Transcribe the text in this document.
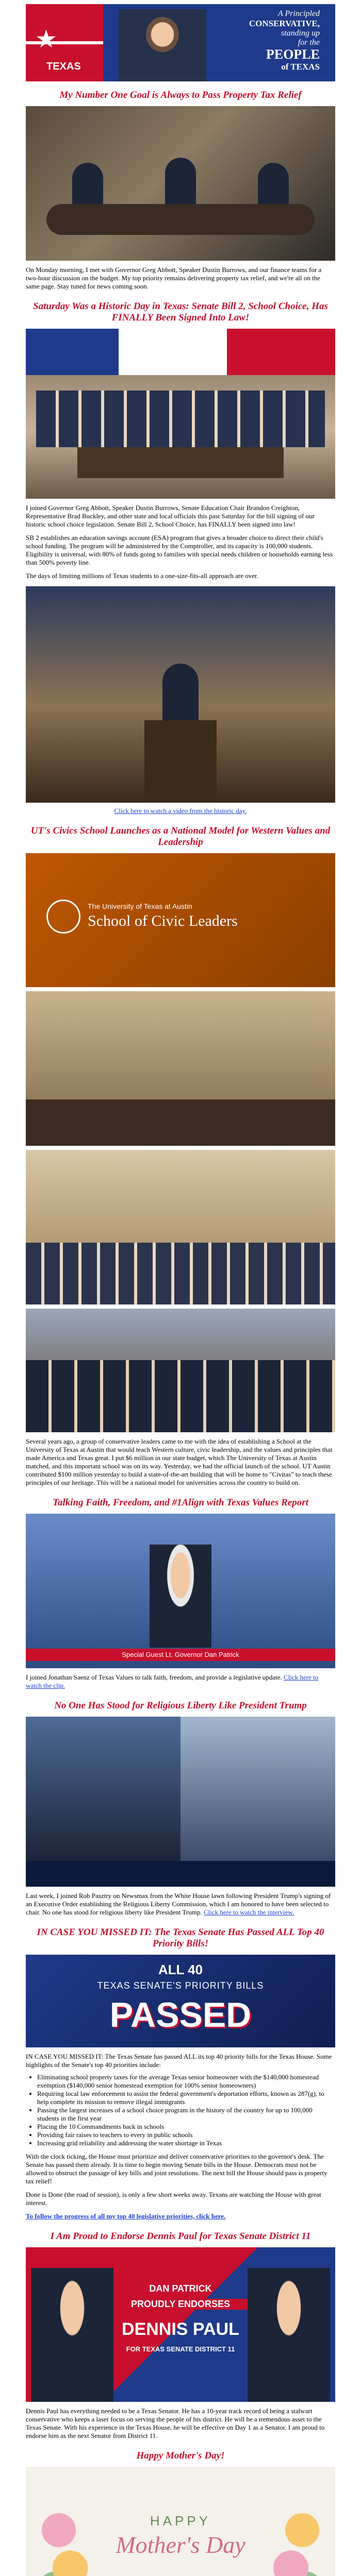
★
TEXAS
A Principled
CONSERVATIVE,
standing up
for the
PEOPLE
of TEXAS
My Number One Goal is Always to Pass Property Tax Relief

On Monday morning, I met with Governor Greg Abbott, Speaker Dustin Burrows, and our finance teams for a two-hour discussion on the budget. My top priority remains delivering property tax relief, and we're all on the same page. Stay tuned for news coming soon.

Saturday Was a Historic Day in Texas: Senate Bill 2, School Choice, Has FINALLY Been Signed Into Law!

I joined Governor Greg Abbott, Speaker Dustin Burrows, Senate Education Chair Brandon Creighton, Representative Brad Buckley, and other state and local officials this past Saturday for the bill signing of our historic school choice legislation. Senate Bill 2, School Choice, has FINALLY been signed into law!

SB 2 establishes an education savings account (ESA) program that gives a broader choice to direct their child's school funding. The program will be administered by the Comptroller, and its capacity is 100,000 students. Eligibility is universal, with 80% of funds going to families with special needs children or households earning less than 500% poverty line.

The days of limiting millions of Texas students to a one-size-fits-all approach are over.

Click here to watch a video from the historic day.

UT's Civics School Launches as a National Model for Western Values and Leadership
The University of Texas at Austin
School of Civic Leaders

Several years ago, a group of conservative leaders came to me with the idea of establishing a School at the University of Texas at Austin that would teach Western culture, civic leadership, and the values and principles that made America and Texas great. I put $6 million in our state budget, which The University of Texas at Austin matched, and this important school was on its way. Yesterday, we had the official launch of the school. UT Austin contributed $100 million yesterday to build a state-of-the-art building that will be home to "Civitas" to teach these principles of our heritage. This will be a national model for universities across the country to build on.

Talking Faith, Freedom, and #1Align with Texas Values Report
Special Guest Lt. Governor Dan Patrick

I joined Jonathan Saenz of Texas Values to talk faith, freedom, and provide a legislative update. Click here to watch the clip.

No One Has Stood for Religious Liberty Like President Trump

Last week, I joined Rob Pasztry on Newsmax from the White House lawn following President Trump's signing of an Executive Order establishing the Religious Liberty Commission, which I am honored to have been selected to chair. No one has stood for religious liberty like President Trump. Click here to watch the interview.

IN CASE YOU MISSED IT: The Texas Senate Has Passed ALL Top 40 Priority Bills!
ALL 40
TEXAS SENATE'S PRIORITY BILLS
PASSED

IN CASE YOU MISSED IT: The Texas Senate has passed ALL its top 40 priority bills for the Texas House. Some highlights of the Senate's top 40 priorities include:

• Eliminating school property taxes for the average Texas senior homeowner with the $140,000 homestead exemption ($140,000 senior homestead exemption for 100% senior homeowners)
• Requiring local law enforcement to assist the federal government's deportation efforts, known as 287(g), to help complete its mission to remove illegal immigrants
• Passing the largest increases of a school choice program in the history of the country for up to 100,000 students in the first year
• Placing the 10 Commandments back in schools
• Providing fair raises to teachers to every in public schools
• Increasing grid reliability and addressing the water shortage in Texas

With the clock ticking, the House must prioritize and deliver conservative priorities to the governor's desk. The Senate has passed them already. It is time to begin moving Senate bills in the House. Democrats must not be allowed to obstruct the passage of key bills and joint resolutions. The next bill the House should pass is property tax relief!

Done is Done (the road of session), is only a few short weeks away. Texans are watching the House with great interest.

To follow the progress of all my top 40 legislative priorities, click here.

I Am Proud to Endorse Dennis Paul for Texas Senate District 11
DAN PATRICK
PROUDLY ENDORSES
DENNIS PAUL
FOR TEXAS SENATE DISTRICT 11

Dennis Paul has everything needed to be a Texas Senator. He has a 10-year track record of being a stalwart conservative who keeps a laser focus on serving the people of his district. He will be a tremendous asset to the Texas Senate. With his experience in the Texas House, he will be effective on Day 1 as a Senator. I am proud to endorse him as the next Senator from District 11.

Happy Mother's Day!
HAPPY
Mother's Day
